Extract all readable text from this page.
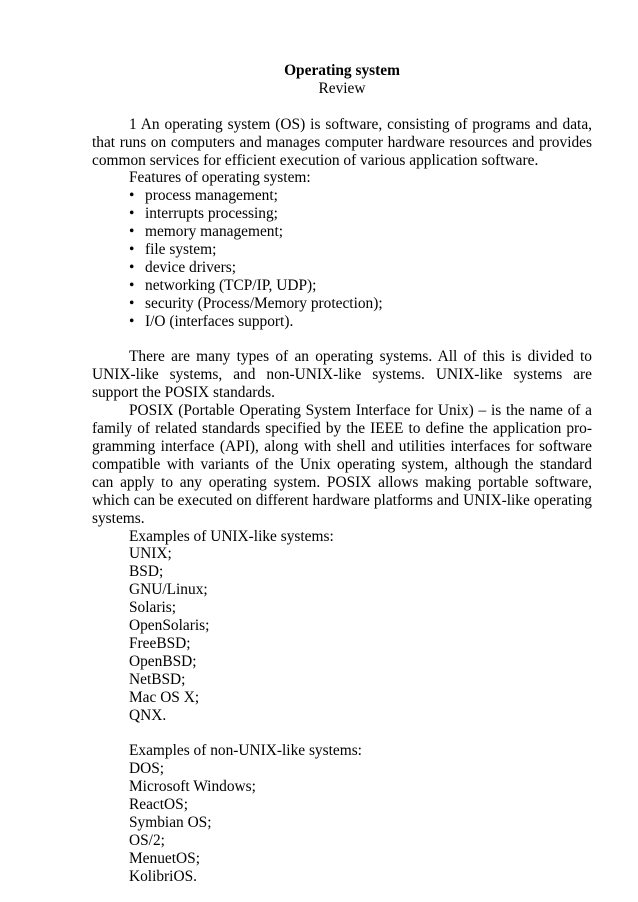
Operating system

Review

1 An operating system (OS) is software, consisting of programs and data, that runs on computers and manages computer hardware resources and provides common services for efficient execution of various application software.

Features of operating system:

• process management;
• interrupts processing;
• memory management;
• file system;
• device drivers;
• networking (TCP/IP, UDP);
• security (Process/Memory protection);
• I/O (interfaces support).

There are many types of an operating systems. All of this is divided to UNIX-like systems, and non-UNIX-like systems. UNIX-like systems are support the POSIX standards.

POSIX (Portable Operating System Interface for Unix) – is the name of a family of related standards specified by the IEEE to define the application pro-gramming interface (API), along with shell and utilities interfaces for software compatible with variants of the Unix operating system, although the standard can apply to any operating system. POSIX allows making portable software, which can be executed on different hardware platforms and UNIX-like operating systems.

Examples of UNIX-like systems:

UNIX;
BSD;
GNU/Linux;
Solaris;
OpenSolaris;
FreeBSD;
OpenBSD;
NetBSD;
Mac OS X;
QNX.

Examples of non-UNIX-like systems:

DOS;
Microsoft Windows;
ReactOS;
Symbian OS;
OS/2;
MenuetOS;
KolibriOS.
